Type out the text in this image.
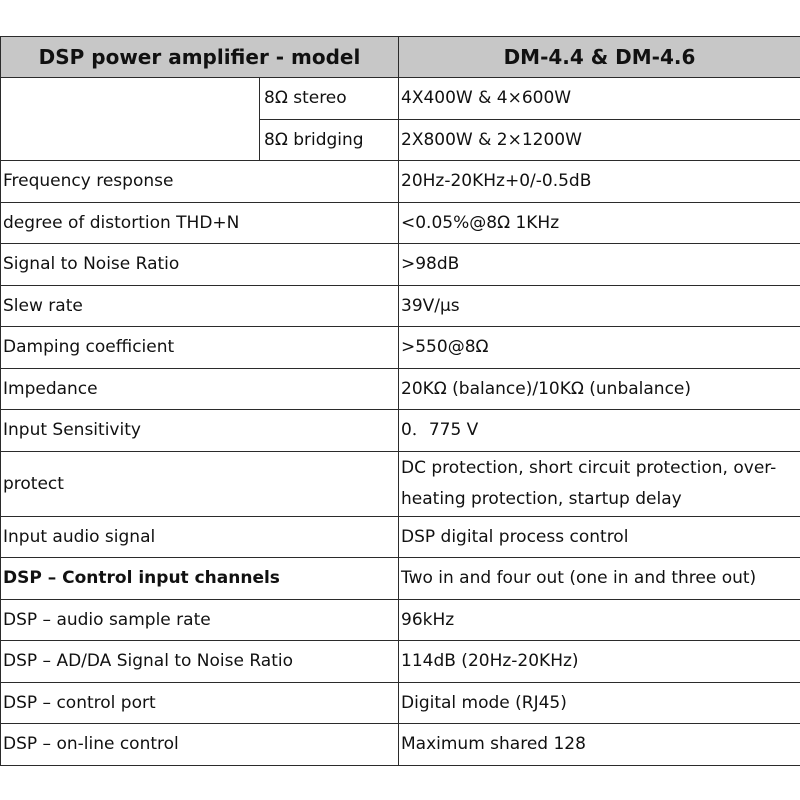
DSP power amplifier - model		DM-4.4 & DM-4.6
	8Ω stereo	4X400W & 4×600W
	8Ω bridging	2X800W & 2×1200W
Frequency response		20Hz-20KHz+0/-0.5dB
degree of distortion THD+N		<0.05%@8Ω 1KHz
Signal to Noise Ratio		>98dB
Slew rate		39V/μs
Damping coefficient		>550@8Ω
Impedance		20KΩ (balance)/10KΩ (unbalance)
Input Sensitivity		0．775 V
protect		DC protection, short circuit protection, over-heating protection, startup delay
Input audio signal		DSP digital process control
DSP – Control input channels		Two in and four out (one in and three out)
DSP – audio sample rate		96kHz
DSP – AD/DA Signal to Noise Ratio		114dB (20Hz-20KHz)
DSP – control port		Digital mode (RJ45)
DSP – on-line control		Maximum shared 128
